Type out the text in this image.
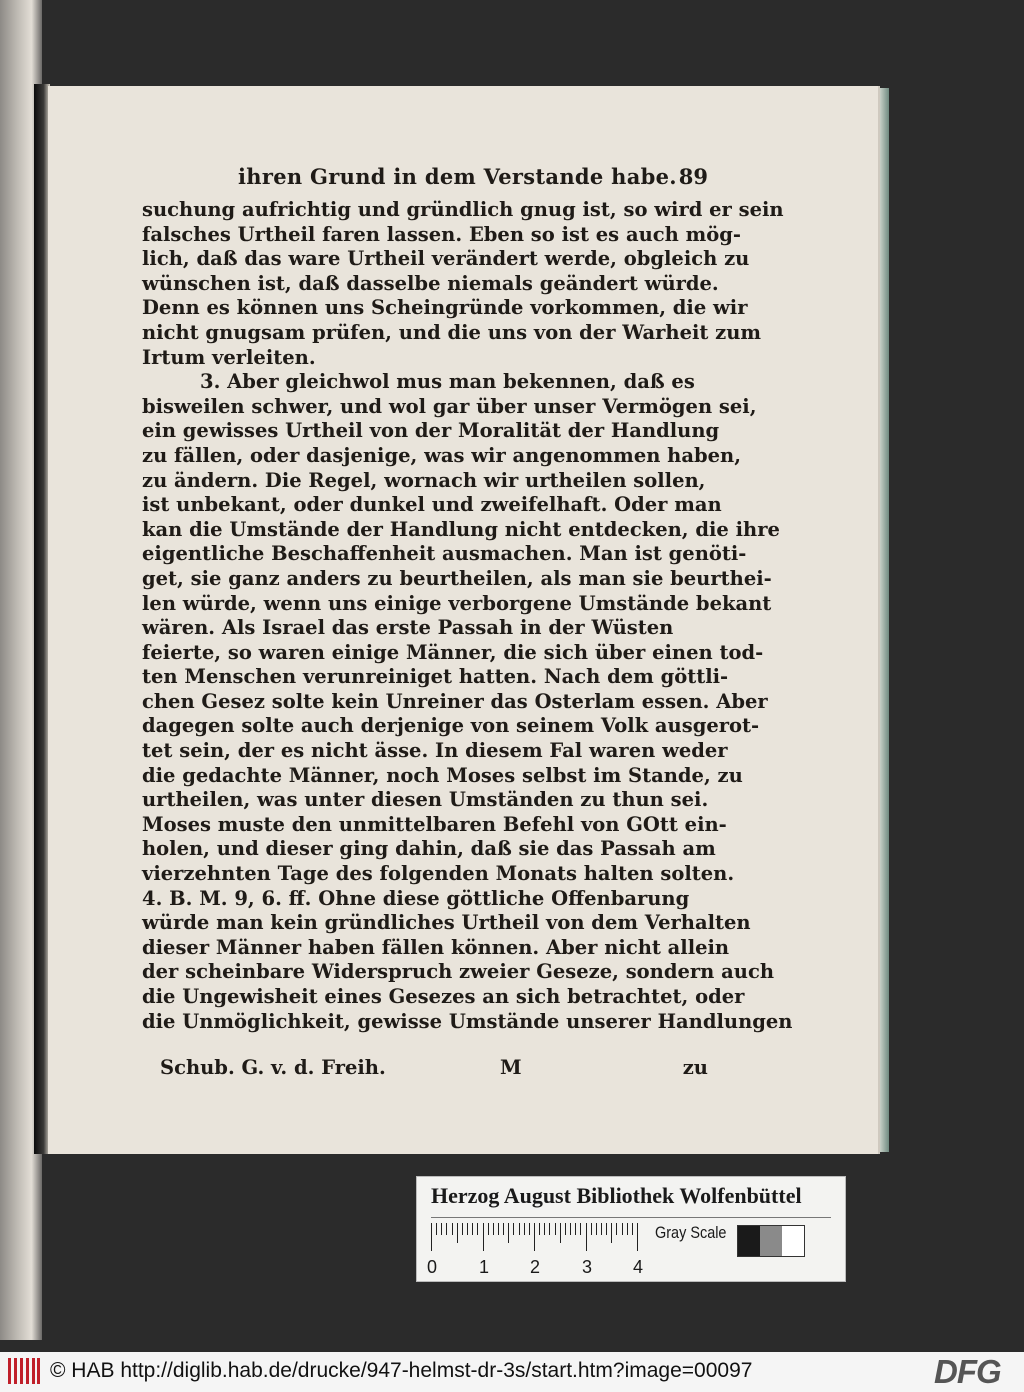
ihren Grund in dem Verstande habe. 89
suchung aufrichtig und gründlich gnug ist, so wird er sein
falsches Urtheil faren lassen. Eben so ist es auch mög-
lich, daß das ware Urtheil verändert werde, obgleich zu
wünschen ist, daß dasselbe niemals geändert würde.
Denn es können uns Scheingründe vorkommen, die wir
nicht gnugsam prüfen, und die uns von der Warheit zum
Irtum verleiten.
3. Aber gleichwol mus man bekennen, daß es
bisweilen schwer, und wol gar über unser Vermögen sei,
ein gewisses Urtheil von der Moralität der Handlung
zu fällen, oder dasjenige, was wir angenommen haben,
zu ändern. Die Regel, wornach wir urtheilen sollen,
ist unbekant, oder dunkel und zweifelhaft. Oder man
kan die Umstände der Handlung nicht entdecken, die ihre
eigentliche Beschaffenheit ausmachen. Man ist genöti-
get, sie ganz anders zu beurtheilen, als man sie beurthei-
len würde, wenn uns einige verborgene Umstände bekant
wären. Als Israel das erste Passah in der Wüsten
feierte, so waren einige Männer, die sich über einen tod-
ten Menschen verunreiniget hatten. Nach dem göttli-
chen Gesez solte kein Unreiner das Osterlam essen. Aber
dagegen solte auch derjenige von seinem Volk ausgerot-
tet sein, der es nicht ässe. In diesem Fal waren weder
die gedachte Männer, noch Moses selbst im Stande, zu
urtheilen, was unter diesen Umständen zu thun sei.
Moses muste den unmittelbaren Befehl von GOtt ein-
holen, und dieser ging dahin, daß sie das Passah am
vierzehnten Tage des folgenden Monats halten solten.
4. B. M. 9, 6. ff. Ohne diese göttliche Offenbarung
würde man kein gründliches Urtheil von dem Verhalten
dieser Männer haben fällen können. Aber nicht allein
der scheinbare Widerspruch zweier Geseze, sondern auch
die Ungewisheit eines Gesezes an sich betrachtet, oder
die Unmöglichkeit, gewisse Umstände unserer Handlungen
Schub. G. v. d. Freih.	M	zu
Herzog August Bibliothek Wolfenbüttel
0 1 2 3 4
Gray Scale
© HAB http://diglib.hab.de/drucke/947-helmst-dr-3s/start.htm?image=00097	DFG
